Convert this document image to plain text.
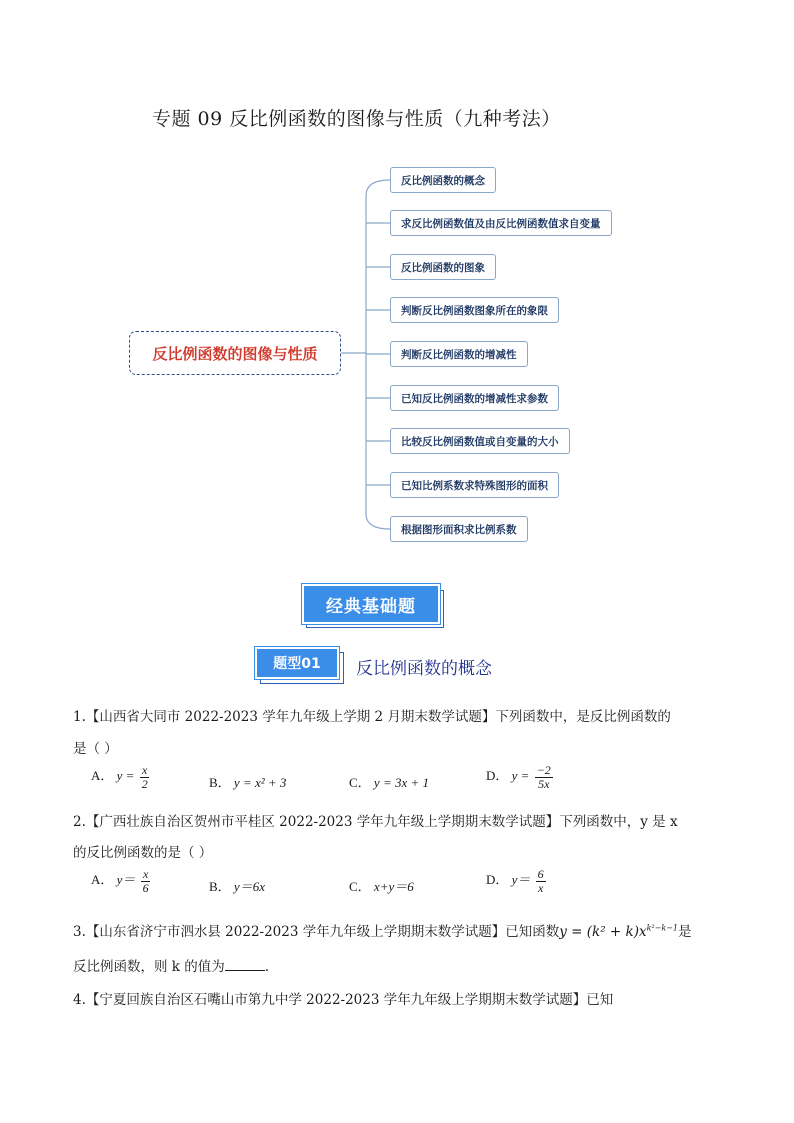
专题 09 反比例函数的图像与性质（九种考法）
反比例函数的图像与性质
反比例函数的概念
求反比例函数值及由反比例函数值求自变量
反比例函数的图象
判断反比例函数图象所在的象限
判断反比例函数的增减性
已知反比例函数的增减性求参数
比较反比例函数值或自变量的大小
已知比例系数求特殊图形的面积
根据图形面积求比例系数
经典基础题
题型01	反比例函数的概念
1.【山西省大同市 2022-2023 学年九年级上学期 2 月期末数学试题】下列函数中，是反比例函数的
是（ ）
A． $y = \frac{x}{2}$	B． y = x² + 3	C． y = 3x + 1	D． $y = \frac{-2}{5x}$
2.【广西壮族自治区贺州市平桂区 2022-2023 学年九年级上学期期末数学试题】下列函数中，y 是 x
的反比例函数的是（ ）
A． $y= \frac{x}{6}$	B． y＝6x	C． x+y＝6	D． $y= \frac{6}{x}$
3.【山东省济宁市泗水县 2022-2023 学年九年级上学期期末数学试题】已知函数$y = (k^2 + k)x^{k^2-k-1}$是
反比例函数，则 k 的值为	.
4.【宁夏回族自治区石嘴山市第九中学 2022-2023 学年九年级上学期期末数学试题】已知
